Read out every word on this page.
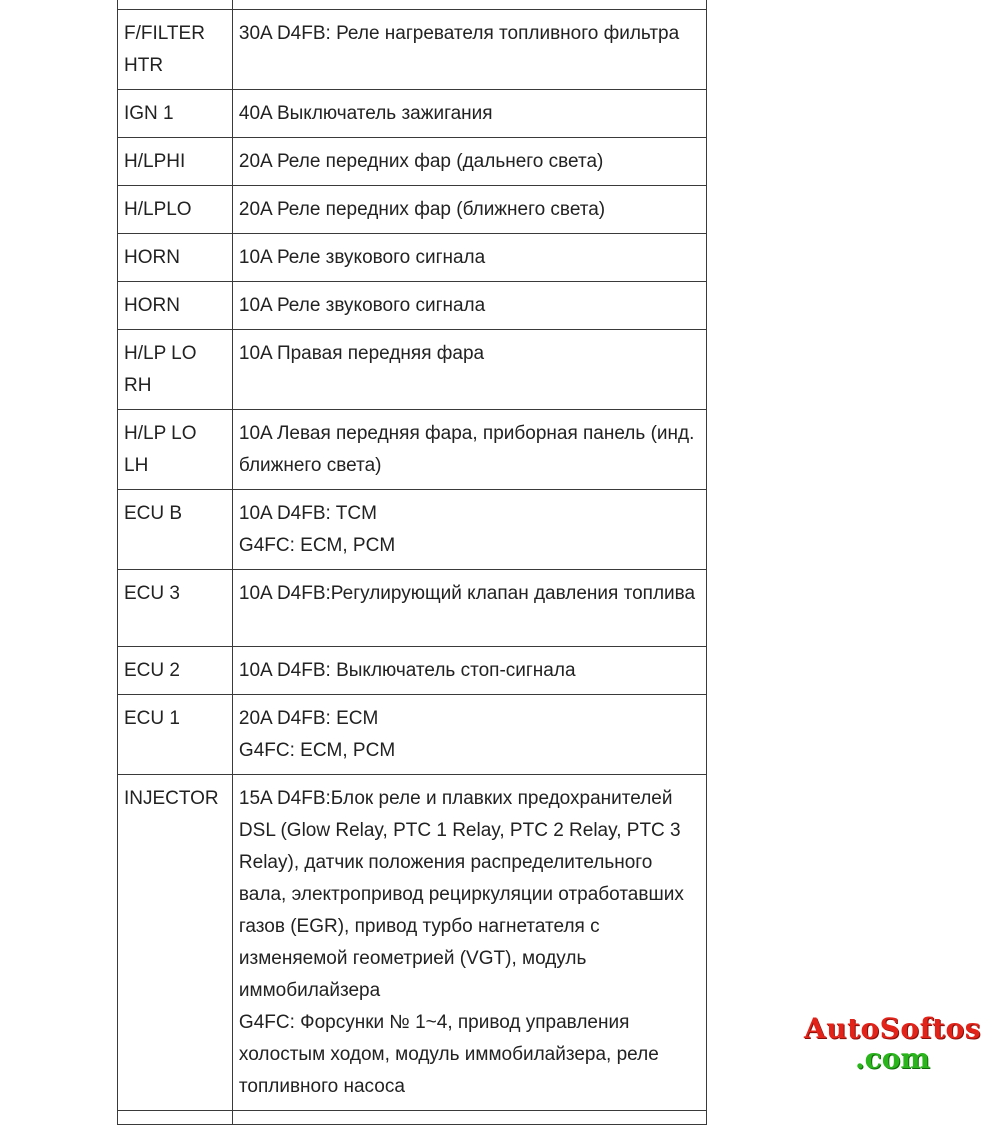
F/FILTER HTR	30A D4FB: Реле нагревателя топливного фильтра

IGN 1	40A Выключатель зажигания

H/LPHI	20A Реле передних фар (дальнего света)

H/LPLO	20A Реле передних фар (ближнего света)

HORN	10A Реле звукового сигнала

HORN	10A Реле звукового сигнала

H/LP LO RH	10A Правая передняя фара

H/LP LO LH	10A Левая передняя фара, приборная панель (инд. ближнего света)

ECU B	10A D4FB: TCM
G4FC: ECM, PCM

ECU 3	10A D4FB:Регулирующий клапан давления топлива

ECU 2	10A D4FB: Выключатель стоп-сигнала

ECU 1	20A D4FB: ECM
G4FC: ECM, PCM

INJECTOR	15A D4FB:Блок реле и плавких предохранителей DSL (Glow Relay, PTC 1 Relay, PTC 2 Relay, PTC 3 Relay), датчик положения распределительного вала, электропривод рециркуляции отработавших газов (EGR), привод турбо нагнетателя с изменяемой геометрией (VGT), модуль иммобилайзера
G4FC: Форсунки № 1~4, привод управления холостым ходом, модуль иммобилайзера, реле топливного насоса

AutoSoftos
.com
